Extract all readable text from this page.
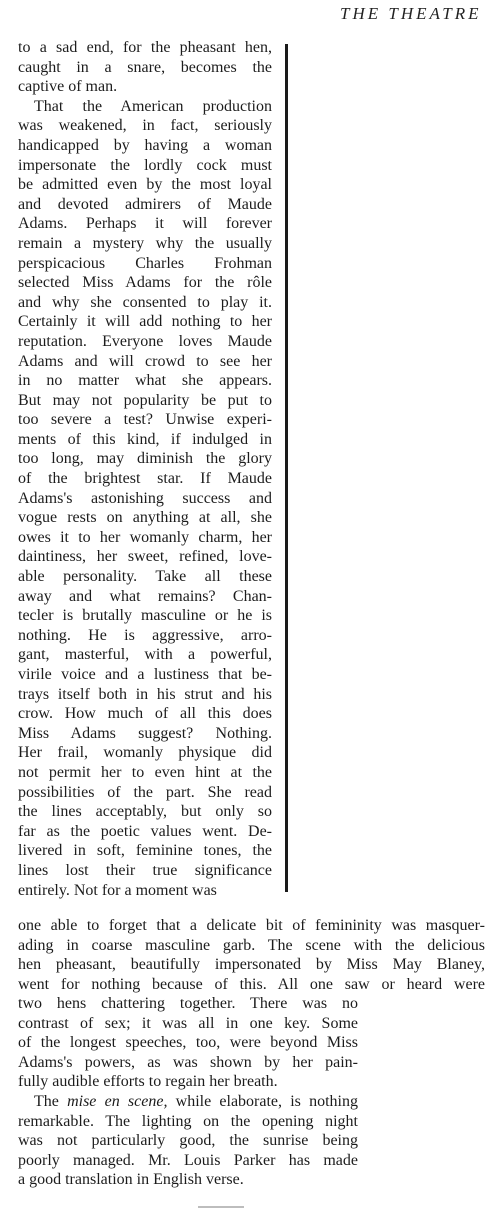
THE THEATRE
to a sad end, for the pheasant hen,
caught in a snare, becomes the
captive of man.
That the American production
was weakened, in fact, seriously
handicapped by having a woman
impersonate the lordly cock must
be admitted even by the most loyal
and devoted admirers of Maude
Adams. Perhaps it will forever
remain a mystery why the usually
perspicacious Charles Frohman
selected Miss Adams for the rôle
and why she consented to play it.
Certainly it will add nothing to her
reputation. Everyone loves Maude
Adams and will crowd to see her
in no matter what she appears.
But may not popularity be put to
too severe a test? Unwise experi-
ments of this kind, if indulged in
too long, may diminish the glory
of the brightest star. If Maude
Adams's astonishing success and
vogue rests on anything at all, she
owes it to her womanly charm, her
daintiness, her sweet, refined, love-
able personality. Take all these
away and what remains? Chan-
tecler is brutally masculine or he is
nothing. He is aggressive, arro-
gant, masterful, with a powerful,
virile voice and a lustiness that be-
trays itself both in his strut and his
crow. How much of all this does
Miss Adams suggest? Nothing.
Her frail, womanly physique did
not permit her to even hint at the
possibilities of the part. She read
the lines acceptably, but only so
far as the poetic values went. De-
livered in soft, feminine tones, the
lines lost their true significance
entirely. Not for a moment was
one able to forget that a delicate bit of femininity was masquer-
ading in coarse masculine garb. The scene with the delicious
hen pheasant, beautifully impersonated by Miss May Blaney,
went for nothing because of this. All one saw or heard were
two hens chattering together. There was no
contrast of sex; it was all in one key. Some
of the longest speeches, too, were beyond Miss
Adams's powers, as was shown by her pain-
fully audible efforts to regain her breath.
The mise en scene, while elaborate, is nothing
remarkable. The lighting on the opening night
was not particularly good, the sunrise being
poorly managed. Mr. Louis Parker has made
a good translation in English verse.
